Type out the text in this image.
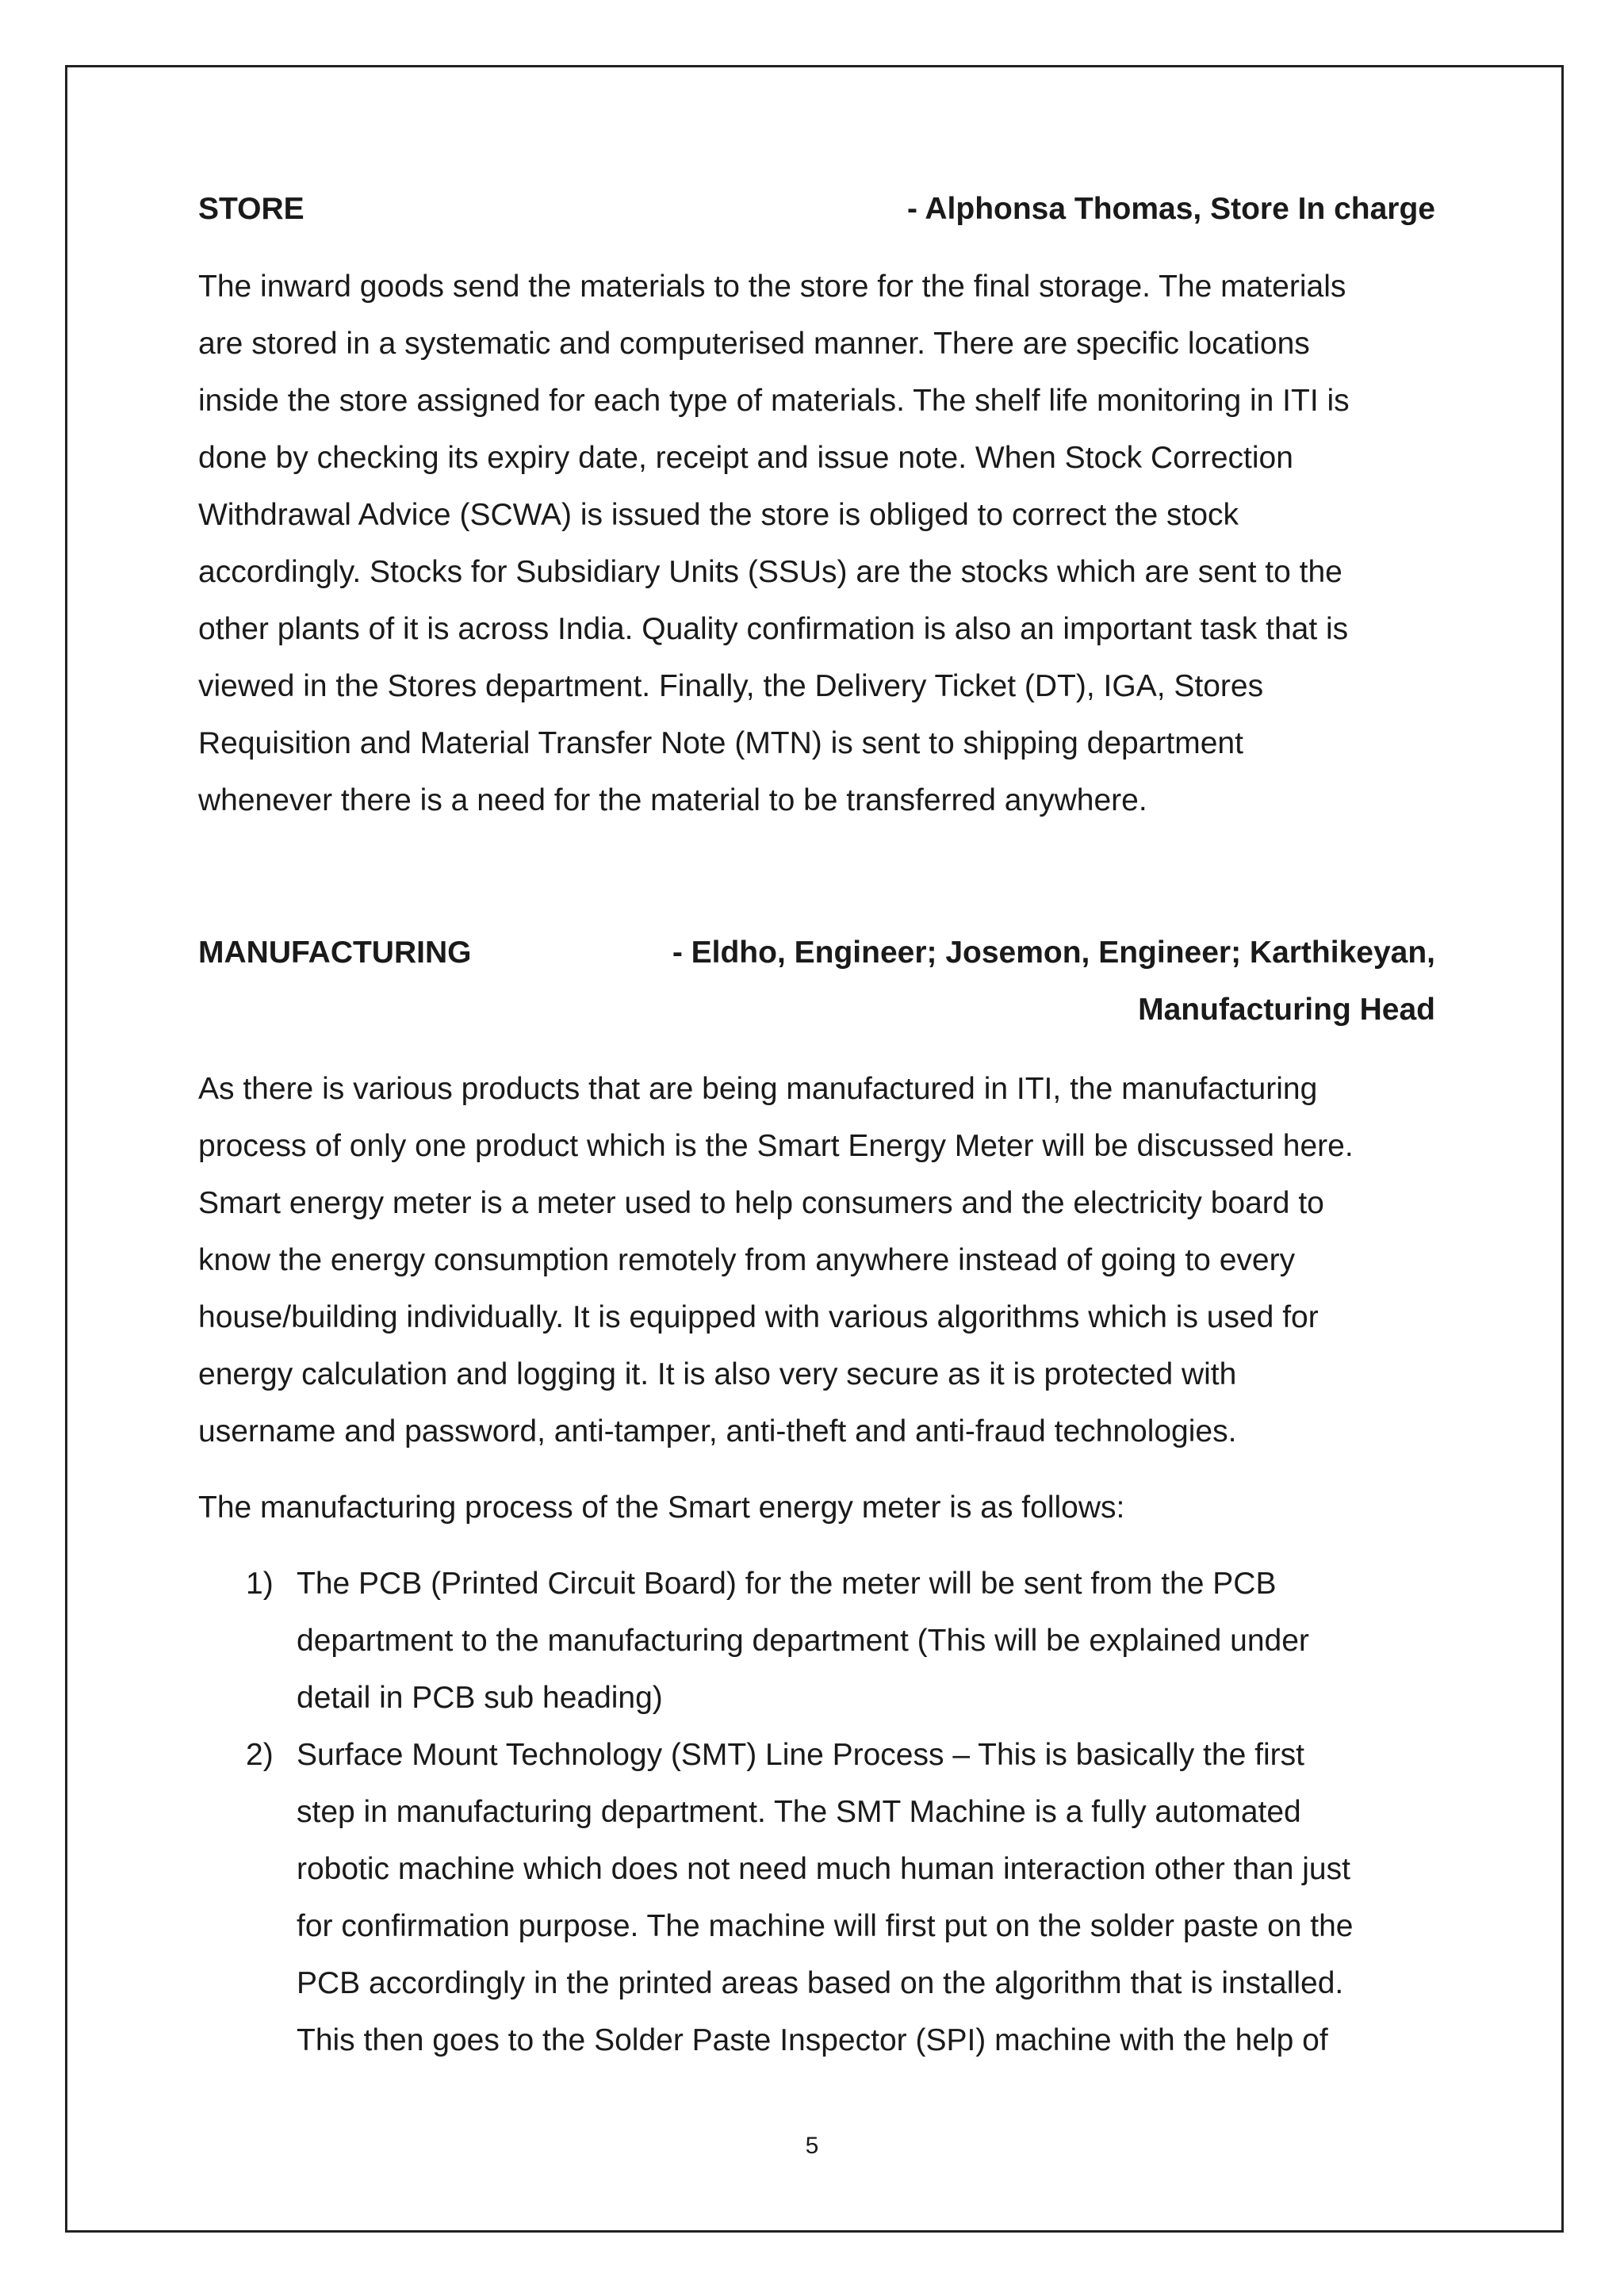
STORE	- Alphonsa Thomas, Store In charge
The inward goods send the materials to the store for the final storage. The materials
are stored in a systematic and computerised manner. There are specific locations
inside the store assigned for each type of materials. The shelf life monitoring in ITI is
done by checking its expiry date, receipt and issue note. When Stock Correction
Withdrawal Advice (SCWA) is issued the store is obliged to correct the stock
accordingly. Stocks for Subsidiary Units (SSUs) are the stocks which are sent to the
other plants of it is across India. Quality confirmation is also an important task that is
viewed in the Stores department. Finally, the Delivery Ticket (DT), IGA, Stores
Requisition and Material Transfer Note (MTN) is sent to shipping department
whenever there is a need for the material to be transferred anywhere.
MANUFACTURING	- Eldho, Engineer; Josemon, Engineer; Karthikeyan,
Manufacturing Head
As there is various products that are being manufactured in ITI, the manufacturing
process of only one product which is the Smart Energy Meter will be discussed here.
Smart energy meter is a meter used to help consumers and the electricity board to
know the energy consumption remotely from anywhere instead of going to every
house/building individually. It is equipped with various algorithms which is used for
energy calculation and logging it. It is also very secure as it is protected with
username and password, anti-tamper, anti-theft and anti-fraud technologies.
The manufacturing process of the Smart energy meter is as follows:
1) The PCB (Printed Circuit Board) for the meter will be sent from the PCB
department to the manufacturing department (This will be explained under
detail in PCB sub heading)
2) Surface Mount Technology (SMT) Line Process – This is basically the first
step in manufacturing department. The SMT Machine is a fully automated
robotic machine which does not need much human interaction other than just
for confirmation purpose. The machine will first put on the solder paste on the
PCB accordingly in the printed areas based on the algorithm that is installed.
This then goes to the Solder Paste Inspector (SPI) machine with the help of
5
